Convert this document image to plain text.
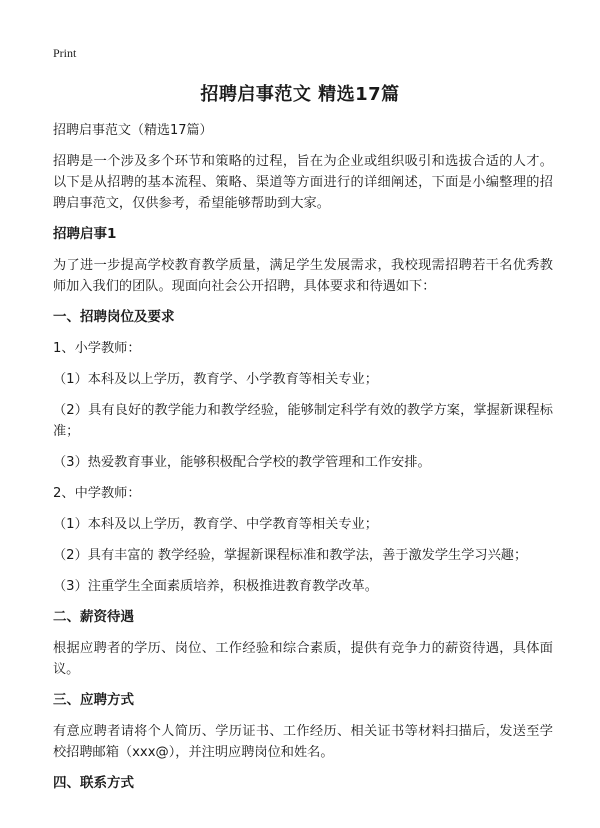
Print
招聘启事范文 精选17篇

招聘启事范文（精选17篇）

招聘是一个涉及多个环节和策略的过程，旨在为企业或组织吸引和选拔合适的人才。以下是从招聘的基本流程、策略、渠道等方面进行的详细阐述，下面是小编整理的招聘启事范文，仅供参考，希望能够帮助到大家。

招聘启事1

为了进一步提高学校教育教学质量，满足学生发展需求，我校现需招聘若干名优秀教师加入我们的团队。现面向社会公开招聘，具体要求和待遇如下：

一、招聘岗位及要求

1、小学教师：

（1）本科及以上学历，教育学、小学教育等相关专业；

（2）具有良好的教学能力和教学经验，能够制定科学有效的教学方案，掌握新课程标准；

（3）热爱教育事业，能够积极配合学校的教学管理和工作安排。

2、中学教师：

（1）本科及以上学历，教育学、中学教育等相关专业；

（2）具有丰富的 教学经验，掌握新课程标准和教学法，善于激发学生学习兴趣；

（3）注重学生全面素质培养，积极推进教育教学改革。

二、薪资待遇

根据应聘者的学历、岗位、工作经验和综合素质，提供有竞争力的薪资待遇，具体面议。

三、应聘方式

有意应聘者请将个人简历、学历证书、工作经历、相关证书等材料扫描后，发送至学校招聘邮箱（xxx@），并注明应聘岗位和姓名。

四、联系方式
